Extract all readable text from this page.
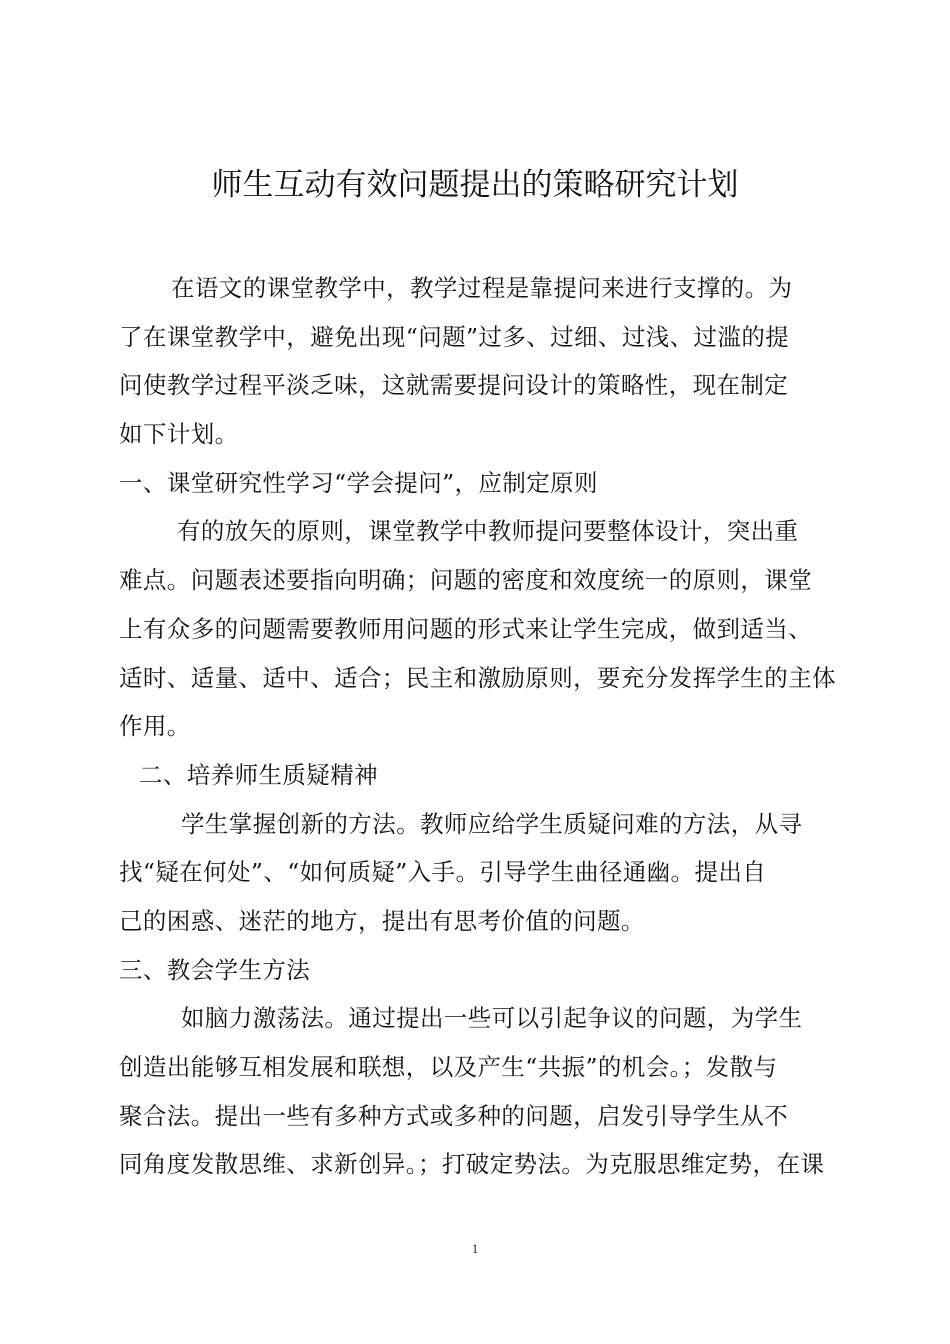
师生互动有效问题提出的策略研究计划
在语文的课堂教学中，教学过程是靠提问来进行支撑的。为
了在课堂教学中，避免出现“问题”过多、过细、过浅、过滥的提
问使教学过程平淡乏味，这就需要提问设计的策略性，现在制定
如下计划。
一、课堂研究性学习“学会提问”，应制定原则
有的放矢的原则，课堂教学中教师提问要整体设计，突出重
难点。问题表述要指向明确；问题的密度和效度统一的原则，课堂
上有众多的问题需要教师用问题的形式来让学生完成，做到适当、
适时、适量、适中、适合；民主和激励原则，要充分发挥学生的主体
作用。
二、培养师生质疑精神
学生掌握创新的方法。教师应给学生质疑问难的方法，从寻
找“疑在何处”、“如何质疑”入手。引导学生曲径通幽。提出自
己的困惑、迷茫的地方，提出有思考价值的问题。
三、教会学生方法
如脑力激荡法。通过提出一些可以引起争议的问题，为学生
创造出能够互相发展和联想，以及产生“共振”的机会。；发散与
聚合法。提出一些有多种方式或多种的问题，启发引导学生从不
同角度发散思维、求新创异。；打破定势法。为克服思维定势，在课
1
